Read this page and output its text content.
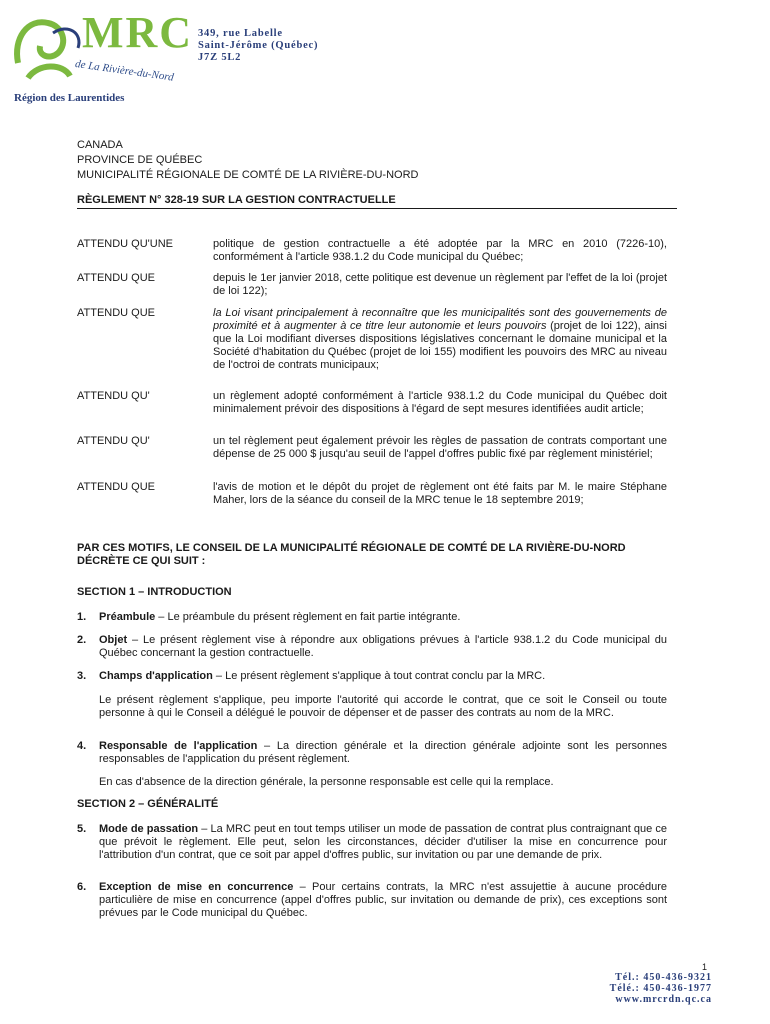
MRC
de La Rivière-du-Nord
Région des Laurentides
349, rue Labelle
Saint-Jérôme (Québec)
J7Z 5L2
CANADA
PROVINCE DE QUÉBEC
MUNICIPALITÉ RÉGIONALE DE COMTÉ DE LA RIVIÈRE-DU-NORD
RÈGLEMENT N° 328-19 SUR LA GESTION CONTRACTUELLE
ATTENDU QU'UNE	politique de gestion contractuelle a été adoptée par la MRC en 2010 (7226-10), conformément à l'article 938.1.2 du Code municipal du Québec;
ATTENDU QUE	depuis le 1er janvier 2018, cette politique est devenue un règlement par l'effet de la loi (projet de loi 122);
ATTENDU QUE	la Loi visant principalement à reconnaître que les municipalités sont des gouvernements de proximité et à augmenter à ce titre leur autonomie et leurs pouvoirs (projet de loi 122), ainsi que la Loi modifiant diverses dispositions législatives concernant le domaine municipal et la Société d'habitation du Québec (projet de loi 155) modifient les pouvoirs des MRC au niveau de l'octroi de contrats municipaux;
ATTENDU QU'	un règlement adopté conformément à l'article 938.1.2 du Code municipal du Québec doit minimalement prévoir des dispositions à l'égard de sept mesures identifiées audit article;
ATTENDU QU'	un tel règlement peut également prévoir les règles de passation de contrats comportant une dépense de 25 000 $ jusqu'au seuil de l'appel d'offres public fixé par règlement ministériel;
ATTENDU QUE	l'avis de motion et le dépôt du projet de règlement ont été faits par M. le maire Stéphane Maher, lors de la séance du conseil de la MRC tenue le 18 septembre 2019;
PAR CES MOTIFS, LE CONSEIL DE LA MUNICIPALITÉ RÉGIONALE DE COMTÉ DE LA RIVIÈRE-DU-NORD DÉCRÈTE CE QUI SUIT :
SECTION 1 – INTRODUCTION
1. Préambule – Le préambule du présent règlement en fait partie intégrante.
2. Objet – Le présent règlement vise à répondre aux obligations prévues à l'article 938.1.2 du Code municipal du Québec concernant la gestion contractuelle.
3. Champs d'application – Le présent règlement s'applique à tout contrat conclu par la MRC.
Le présent règlement s'applique, peu importe l'autorité qui accorde le contrat, que ce soit le Conseil ou toute personne à qui le Conseil a délégué le pouvoir de dépenser et de passer des contrats au nom de la MRC.
4. Responsable de l'application – La direction générale et la direction générale adjointe sont les personnes responsables de l'application du présent règlement.
En cas d'absence de la direction générale, la personne responsable est celle qui la remplace.
SECTION 2 – GÉNÉRALITÉ
5. Mode de passation – La MRC peut en tout temps utiliser un mode de passation de contrat plus contraignant que ce que prévoit le règlement. Elle peut, selon les circonstances, décider d'utiliser la mise en concurrence pour l'attribution d'un contrat, que ce soit par appel d'offres public, sur invitation ou par une demande de prix.
6. Exception de mise en concurrence – Pour certains contrats, la MRC n'est assujettie à aucune procédure particulière de mise en concurrence (appel d'offres public, sur invitation ou demande de prix), ces exceptions sont prévues par le Code municipal du Québec.
1
Tél.: 450-436-9321
Télé.: 450-436-1977
www.mrcrdn.qc.ca
